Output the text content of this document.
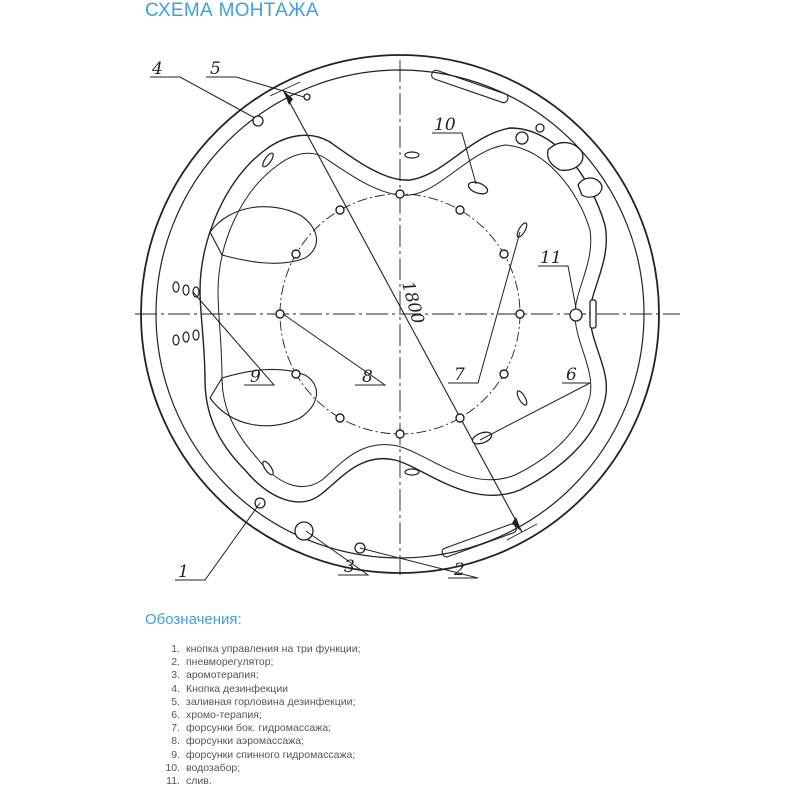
СХЕМА МОНТАЖА
1800
4	5
10
11
6
7
8
9
1	3	2
Обозначения:
1. кнопка управления на три функции;
2. пневморегулятор;
3. аромотерапия;
4. Кнопка дезинфекции
5. заливная горловина дезинфекции;
6. хромо-терапия;
7. форсунки бок. гидромассажа;
8. форсунки аэромассажа;
9. форсунки спинного гидромассажа;
10. водозабор;
11. слив.
